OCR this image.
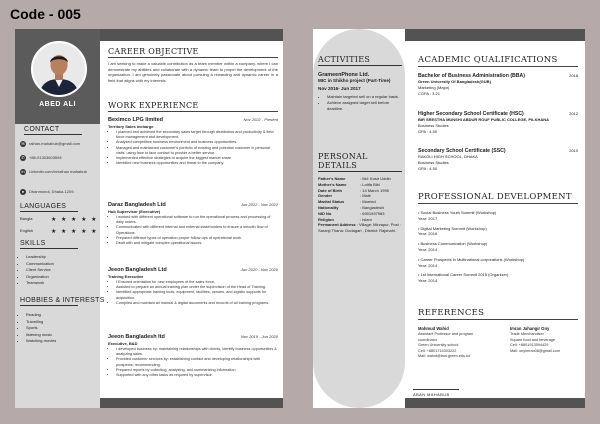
Code - 005
ABED ALI
CONTACT
✉	raihan.mahabub@gmail.com
✆	+88-01303603594
in	Linkedin.com/in/raihan mahabub
●	Dhanmondi, Dhaka-1209.
LANGUAGES
Bangla	★ ★ ★ ★ ★
English	★ ★ ★ ★ ★
SKILLS
• Leadership
• Communication
• Client Service
• Organization
• Teamwork
HOBBIES & INTERESTS
• Reading
• Travelling
• Sports
• listening music
• Watching movies
CAREER OBJECTIVE
I am seeking to make a valuable contribution as a team member within a company, where I can demonstrate my abilities and collaborate with a dynamic team to propel the development of the organization. I am genuinely passionate about pursuing a rewarding and dynamic career in a field that aligns with my interests.
WORK EXPERIENCE
Beximco LPG limited	Nov 2022 - Present
Territory Sales Incharge
• I planned and achieved the secondary sales target through distribution and productivity & field force management and development.
• Analyzed competitive business environment and business opportunities.
• Managed and maintained customer's portfolio of existing and potential customer in personal visits, using face to face contact to provide a better service.
• Implemented effective strategies to acquire the biggest market share
• Identified new business opportunities and threat to the company.
Daraz Bangladesh Ltd	Jun 2022 - Nov 2022
Hub Supervisor (Executive)
• I worked with different operational software to run the operational process and processing of daily orders.
• Communicated with different internal and external stakeholders to ensure a smooth flow of Operations.
• Prepared different types of operation proper follow-ups of operational work.
• Dealt with and mitigate complex operational issues.
Jeeon Bangladesh Ltd	Jun 2020 - Nov 2020
Training Executive
• I Ensured orientation for new employees of the sales force.
• Assisted to prepare an annual training plan under the supervision of the Head of Training.
• Identified appropriate training tools, equipment, facilities, venues, and logistic supports for acquisition.
• Compiled and maintain all manual & digital documents and records of all training programs.
Jeeon Bangladesh ltd	Nov 2019 - Jun 2020
Executive, B&D
• I developed business by: maintaining relationships with clients, identify business opportunities & analyzing sales.
• Provided customer services by: establishing contact and developing relationships with prospects; recommending.
• Prepared reports by collecting, analyzing, and summarizing information.
• Supported with any other tasks as required by supervisor.
ACTIVITIES
GrameenPhone Ltd.
MIC in Shikho project (Part-Time)
Nov 2016- Jun 2017
• Maintain targeted sell on a regular basis.
• Achieve assigned target sell before deadline.
PERSONAL DETAILS
Father's Name	: Md: Kosir Uddin
Mother's Name	: Lotifa Bibi
Date of Birth	: 14 March 1995
Gender	: Male
Marital Status	: Married
Nationality	: Bangladeshi
NID No	: 6901937983
Religion	: Islam
Permanent Address : Village: Mirzapur, Post : Saranji Thana: Godagari , District: Rajshahi.
ACADEMIC QUALIFICATIONS
Bachelor of Business Administration (BBA)	2018
Green University Of Bangladesh(GUB)
Marketing (Major)
CGPA : 3.21
Higher Secondary School Certificate (HSC)	2012
BIR SRESTHA MUNSHI ABDUR ROUF PUBLIC COLLEGE, PILKHANA
Business Studies
GPA : 4.50
Secondary School Certificate (SSC)	2010
RAKOLI HIGH SCHOOL, DHAKA
Business Studies
GPA : 4.50
PROFESSIONAL DEVELOPMENT
• Social Business Youth Summit (Workshop)
Year: 2017
• Digital Marketing Summit (Workshop)
Year: 2016
• Business Communication (Workshop)
Year: 2014
• Career Prospects in Multinational corporations (Workshop)
Year: 2014
• 1st International Career Summit 2015 (Organizer)
Year: 2014
REFERENCES
Mahmud Wahid
Assistant Professor and program
coordinator
Green University school
Cell: +8801715303222
Mail: wahid@bus.green.edu.bd
Imran Jahangir Ony
Trade Merchandiser
Square food and beverage
Cell: +8801913594429
Mail: onyimran08@gmail.com
ABAN MAHABUB
